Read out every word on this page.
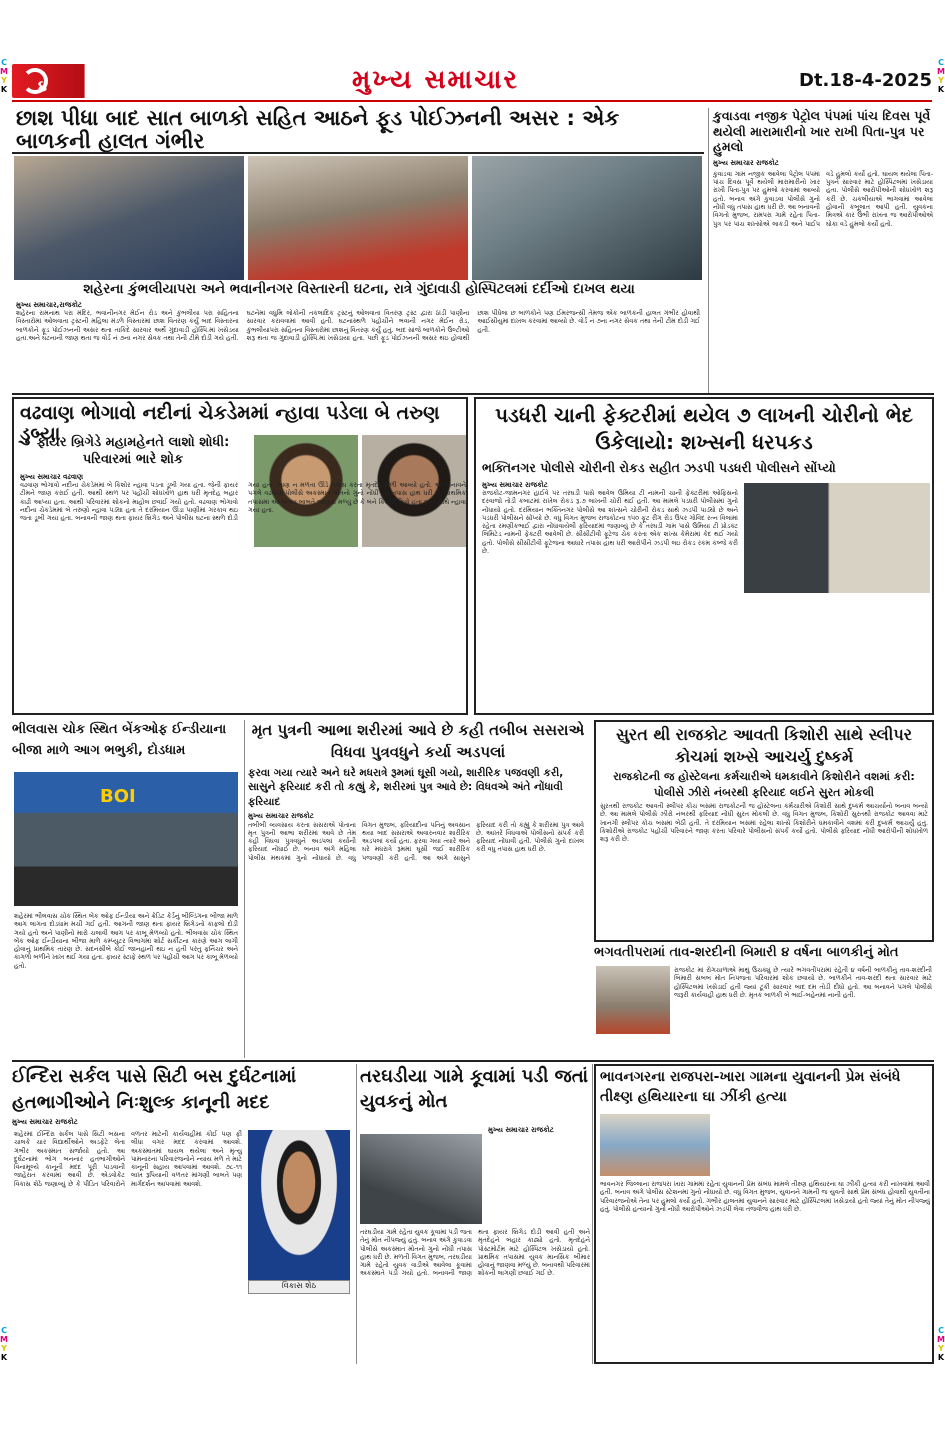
C
M
Y
K
C
M
Y
K
C
M
Y
K
C
M
Y
K
૪	મુખ્ય સમાચાર	Dt.18-4-2025
છાશ પીધા બાદ સાત બાળકો સહિત આઠને ફૂડ પોઈઝનની અસર : એક બાળકની હાલત ગંભીર
શહેરના કુંભલીયાપરા અને ભવાનીનગર વિસ્તારની ઘટના, રાત્રે ગુંદાવાડી હોસ્પિટલમાં દર્દીઓ દાખલ થયા
મુખ્ય સમાચાર,રાજકોટ
શહેરના રામનાથ પરા મંદિર, ભવાનીનગર મેઈન રોડ અને કુંભલીયા પરા સહિતના વિસ્તારોમાં ઓલવાતા ટ્રસ્ટની મહિલા મંડળે વિસ્તારમાં છાશ વિતરણ કર્યું બાદ વિસ્તારના બાળકોને ફૂડ પોઈઝનની અસર થતા તાકિદે સારવાર અર્થે ગુંદાવાડી હોસ્પિ.માં ખસેડયા હતા.અને ઘટનાની જાણ થતા જ વોર્ડ નં ૭ના નગર સેવક તથા તેની ટીમે દોડી ગયે હતી. ઘટનેમાં વધુમિ લોકોની તકલાદિક ટ્રસ્ટનું ઓલવાતા વિતરણ ટ્રસ્ટ દ્વારા ઠાંડી પાણીના સારવાર કરાવવામાં આવી હતી. ઘટનાસ્થળે પહોંચીને ભવાની નગર મેઈન રોડ, કુંભલીયાપરા સહિતના વિસ્તારોમાં છાશનું વિતરણ કર્યું હતું. બાદ સાંજે બાળકોને ઉલ્ટીઓ શરૂ થતા જ ગુંદાવાડી હોસ્પિ.માં ખસેડાયા હતા. પછી ફૂડ પોઈઝનની અસર થઇ હોવાથી છાશ પીધેલા છ બાળકોને પણ ઈમરજન્સી તેમજ એક બાળકની હાલત ગંભીર હોવાથી આઈસીયુમાં દાખલ કરવામાં આવ્યો છે. વોર્ડ નં ૭ના નગર સેવક તથા તેની ટીમ દોડી ગઈ હતી.
કુવાડવા નજીક પેટ્રોલ પંપમાં પાંચ દિવસ પૂર્વે થયેલી મારામારીનો ખાર રાખી પિતા-પુત્ર પર હુમલો
મુખ્ય સમાચાર રાજકોટ
કુવાડવા ગામ નજીક આવેલા પેટ્રોલ પંપમાં પાંચ દિવસ પૂર્વે થયેલી મારામારીનો ખાર રાખી પિતા-પુત્ર પર હુમલો કરવામાં આવ્યો હતો. બનાવ અંગે કુવાડવા પોલીસે ગુનો નોંધી વધુ તપાસ હાથ ધરી છે. આ બનાવની વિગતો મુજબ, રામપરા ગામે રહેતા પિતા-પુત્ર પર પાંચ શખ્સોએ લાકડી અને પાઈપ વડે હુમલો કર્યો હતો. ઘાયલ થયેલા પિતા-પુત્રને સારવાર માટે હોસ્પિટલમાં ખસેડાયા હતા. પોલીસે આરોપીઓની શોધખોળ શરૂ કરી છે. ચકલીયાએ ભાગવામાં આવેલા હોવાની કબૂલાત આપી હતી. યુવકના મિત્રએ કાર ઉભી રાખતા જ આરોપીઓએ ઘોકા વડે હુમલો કર્યો હતો.
વઢવાણ ભોગાવો નદીનાં ચેકડેમમાં ન્હાવા પડેલા બે તરુણ ડુબ્યા
ફાયર બ્રિગેડે મહામહેનતે લાશો શોધી: પરિવારમાં ભારે શોક
મુખ્ય સમાચાર વઢવાણ
વઢવાણ ભોગાવો નદીના ચેકડેમમાં બે કિશોર ન્હાવા પડતા ડૂબી ગયા હતા. જેની ફાયર ટીમને જાણ કરાઈ હતી. આથી સ્થળ પર પહોંચી શોધખોળ હાથ ધરી મૃતદેહ બહાર કાઢી આપ્યા હતા. આથી પરિવારમાં શોકનો માહોલ છવાઈ ગયો હતો. વઢવાણ ભોગાવો નદીના ચેકડેમમાં બે તરુણો ન્હાવા પડ્યા હતા તે દરમિયાન ઊંડા પાણીમાં ગરકાવ થઇ જતા ડૂબી ગયા હતા. બનાવની જાણ થતા ફાયર બ્રિગેડ અને પોલીસ ઘટના સ્થળે દોડી ગયા હતા. ભાણ ન મળતા ઊંડે તપાસ કરતા મૃતદેહ મળી આવ્યો હતો. આ બનાવને પગલે વઢવાણ પોલીસે અકસ્માત મોતનો ગુનો નોંધી વધુ તપાસ હાથ ધરી છે. પ્રાથમિક તપાસમાં આ બનાવ બાબતે જાણવા મળ્યું છે કે બંને કિશોરો મિત્રો હતા અને સાથે ન્હાવા ગયા હતા.
પડધરી ચાની ફેક્ટરીમાં થયેલ ૭ લાખની ચોરીનો ભેદ ઉકેલાયો: શખ્સની ધરપકડ
ભક્તિનગર પોલીસે ચોરીની રોકડ સહીત ઝડપી પડધરી પોલીસને સોંપ્યો
મુખ્ય સમાચાર રાજકોટ
રાજકોટ-જામનગર હાઈવે પર તરઘડી પાસે આવેલ ઉમિયા ટી નામની ચાની ફેક્ટરીમાં ઓફિસનો દરવાજો તોડી કબાટમાં રાખેલ રોકડ રૂ.૭ લાખની ચોરી થઈ હતી. આ મામલે પડધરી પોલીસમાં ગુનો નોંધાયો હતો. દરમિયાન ભક્તિનગર પોલીસે આ શખ્સને ચોરીની રોકડ સાથે ઝડપી પાડ્યો છે અને પડધરી પોલીસને સોંપ્યો છે. વધુ વિગત મુજબ રાજકોટના ૧૫૦ ફૂટ રીંગ રોડ ઉપર ગોવિંદ રત્ન વિલામાં રહેતા રમણીકભાઈ દ્વારા નોંધાવાયેલી ફરિયાદમાં જણાવ્યું છે કે તરઘડી ગામ પાસે ઉમિયા ટી પ્રોડક્ટ લિમિટેડ નામની ફેક્ટરી આવેલી છે. સીસીટીવી ફૂટેજ ચેક કરતા એક શખ્સ કેમેરામાં કેદ થઈ ગયો હતો. પોલીસે સીસીટીવી ફૂટેજના આધારે તપાસ હાથ ધરી આરોપીને ઝડપી લઇ રોકડ રકમ કબ્જે કરી છે.
ભીલવાસ ચોક સ્થિત બેંકઓફ ઈન્ડીયાના બીજા માળે આગ ભભુકી, દોડધામ
BOI
શહેરમાં ભીલવાસ ચોક સ્થિત બેંક ઓફ ઈન્ડીયા અને ક્રેડિટ કેર્ડનું બીલ્ડિંગના બીજા માળે આગ લાગતા દોડધામ મચી ગઈ હતી. આગની જાણ થતા ફાયર બ્રિગેડનો કાફલો દોડી ગયો હતો અને પાણીનો મારો ચલાવી આગ પર કાબૂ મેળવ્યો હતો. ભીલવાસ ચોક સ્થિત બેંક ઓફ ઈન્ડીયાના બીજા માળે કમ્પ્યુટર વિભાગમાં શોર્ટ સર્કીટના કારણે આગ લાગી હોવાનું પ્રાથમિક તારણ છે. સદનસીબે કોઈ જાનહાની થઇ ન હતી પરંતુ ફર્નિચર અને કાગળો બળીને ખાખ થઈ ગયા હતા. ફાયર સ્ટાફે સ્થળ પર પહોંચી આગ પર કાબૂ મેળવ્યો હતો.
મૃત પુત્રની આભા શરીરમાં આવે છે કહી તબીબ સસરાએ વિધવા પુત્રવધુને કર્યા અડપલાં
ફરવા ગયા ત્યારે અને ઘરે મધરાત્રે રૂમમાં ઘૂસી ગયો, શારીરિક પજવણી કરી, સાસુને ફરિયાદ કરી તો કહ્યું કે, શરીરમાં પુત્ર આવે છે: વિધવએ અંતે નોંધાવી ફરિયાદ
મુખ્ય સમાચાર રાજકોટ
તબીબી વ્યવસાય કરતા સસરાએ પોતાના મૃત પુત્રની આભા શરીરમાં આવે છે તેમ કહી વિધવા પુત્રવધુને અડપલાં કર્યાની ફરિયાદ નોંધાઈ છે. બનાવ અંગે મહિલા પોલીસ મથકમાં ગુનો નોંધાયો છે. વધુ વિગત મુજબ, ફરિયાદીના પતિનું અવસાન થયા બાદ સસરાએ અવારનવાર શારીરિક અડપલાં કર્યા હતા. ફરવા ગયા ત્યારે અને ઘરે મધરાત્રે રૂમમાં ઘૂસી જઈ શારીરિક પજવણી કરી હતી. આ અંગે સાસુને ફરિયાદ કરી તો કહ્યું કે શરીરમાં પુત્ર આવે છે. આખરે વિધવાએ પોલીસનો સંપર્ક કરી ફરિયાદ નોંધાવી હતી. પોલીસે ગુનો દાખલ કરી વધુ તપાસ હાથ ધરી છે.
સુરત થી રાજકોટ આવતી કિશોરી સાથે સ્લીપર કોચમાં શખ્સે આચર્યુ દુષ્કર્મ
રાજકોટની જ હોસ્ટેલના કર્મચારીએ ધમકાવીને કિશોરીને વશમાં કરી: પોલીસે ઝીરો નંબરથી ફરિયાદ લઈને સુરત મોકલી
સુરતથી રાજકોટ આવતી સ્લીપર કોચ બસમાં રાજકોટની જ હોસ્ટેલના કર્મચારીએ કિશોરી સાથે દુષ્કર્મ આચર્યાનો બનાવ બન્યો છે. આ મામલે પોલીસે ઝીરો નંબરથી ફરિયાદ નોંધી સુરત મોકલી છે. વધુ વિગત મુજબ, કિશોરી સુરતથી રાજકોટ આવવા માટે ખાનગી સ્લીપર કોચ બસમાં બેઠી હતી. તે દરમિયાન બસમાં રહેલા શખ્સે કિશોરીને ધમકાવીને વશમાં કરી દુષ્કર્મ આચર્યું હતું. કિશોરીએ રાજકોટ પહોંચી પરિવારને જાણ કરતા પરિવારે પોલીસનો સંપર્ક કર્યો હતો. પોલીસે ફરિયાદ નોંધી આરોપીની શોધખોળ શરૂ કરી છે.
ભગવતીપરામાં તાવ-શરદીની બિમારી ૪ વર્ષના બાળકીનું મોત
રાજકોટ માં રોગચાળાએ માથું ઉંચક્યું છે ત્યારે ભગવતીપરામાં રહેતી ૪ વર્ષની બાળકીનું તાવ-શરદીની બિમારી સબબ મોત નિપજતા પરિવારમાં શોક છવાયો છે. બાળકીને તાવ-શરદી થતા સારવાર માટે હોસ્પિટલમાં ખસેડાઈ હતી જ્યાં ટૂંકી સારવાર બાદ દમ તોડી દીધો હતો. આ બનાવને પગલે પોલીસે જરૂરી કાર્યવાહી હાથ ધરી છે. મૃતક બાળકી બે ભાઈ-બહેનમાં નાની હતી.
ઈન્દિરા સર્કલ પાસે સિટી બસ દુર્ઘટનામાં હતભાગીઓને નિઃશુલ્ક કાનૂની મદદ
મુખ્ય સમાચાર રાજકોટ
શહેરમાં ઈન્દિરા સર્કલ પાસે સિટી બસના ચાલકે ચાર વિદ્યાર્થીઓને અડફેટે લેતા ગંભીર અકસ્માત સર્જાયો હતો. આ દુર્ઘટનામાં ભોગ બનનાર હતભાગીઓને વિનામૂલ્યે કાનૂની મદદ પૂરી પાડવાની જાહેરાત કરવામાં આવી છે. એડવોકેટ વિકાસ શેઠે જણાવ્યું છે કે પીડિત પરિવારોને વળતર માટેની કાર્યવાહીમાં કોઈ પણ ફી લીધા વગર મદદ કરવામાં આવશે. અકસ્માતમાં ઘાયલ થયેલા અને મૃત્યુ પામનારના પરિવારજનોને ન્યાય મળે તે માટે કાનૂની સહાય આપવામાં આવશે. ૭૮-૧૧ લાખ રૂપિયાની વળતર માંગણી બાબતે પણ માર્ગદર્શન આપવામાં આવશે.
વિકાસ શેઠ
તરઘડીયા ગામે કૂવામાં પડી જતાં યુવકનું મોત
મુખ્ય સમાચાર રાજકોટ
તરઘડીયા ગામે રહેતા યુવક કૂવામાં પડી જતા તેનું મોત નીપજ્યું હતું. બનાવ અંગે કુવાડવા પોલીસે અકસ્માત મોતનો ગુનો નોંધી તપાસ હાથ ધરી છે. મળતી વિગત મુજબ, તરઘડીયા ગામે રહેતો યુવક વાડીએ આવેલા કૂવામાં અકસ્માતે પડી ગયો હતો. બનાવની જાણ થતા ફાયર બ્રિગેડ દોડી આવી હતી અને મૃતદેહને બહાર કાઢ્યો હતો. મૃતદેહને પોસ્ટમોર્ટમ માટે હોસ્પિટલ ખસેડાયો હતો. પ્રાથમિક તપાસમાં યુવક માનસિક બીમાર હોવાનું જાણવા મળ્યું છે. બનાવથી પરિવારમાં શોકની લાગણી છવાઈ ગઈ છે.
ભાવનગરના રાજપરા-ખારા ગામના યુવાનની પ્રેમ સંબંધે તીક્ષ્ણ હથિયારના ઘા ઝીંકી હત્યા
ભાવનગર જિલ્લાના રાજપરા ખારા ગામમાં રહેતા યુવાનની પ્રેમ સંબંધ મામલે તીક્ષ્ણ હથિયારના ઘા ઝીંકી હત્યા કરી નાખવામાં આવી હતી. બનાવ અંગે પોલીસ સ્ટેશનમાં ગુનો નોંધાયો છે. વધુ વિગત મુજબ, યુવાનને ગામની જ યુવતી સાથે પ્રેમ સંબંધ હોવાથી યુવતીના પરિવારજનોએ તેના પર હુમલો કર્યો હતો. ગંભીર હાલતમાં યુવાનને સારવાર માટે હોસ્પિટલમાં ખસેડાયો હતો જ્યાં તેનું મોત નીપજ્યું હતું. પોલીસે હત્યાનો ગુનો નોંધી આરોપીઓને ઝડપી લેવા તજવીજ હાથ ધરી છે.
